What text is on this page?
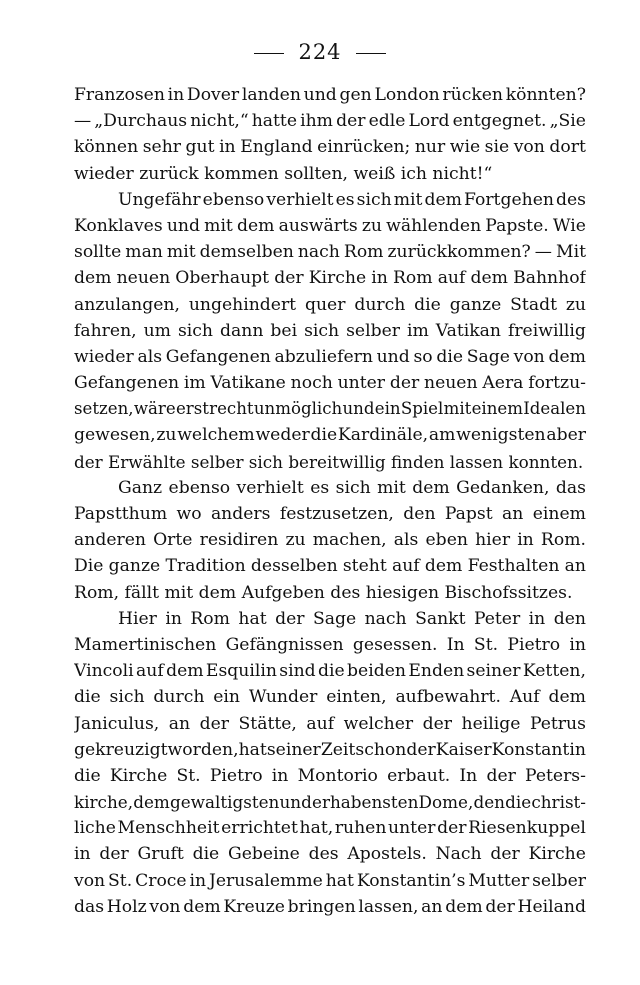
224
Franzosen in Dover landen und gen London rücken könnten?
— „Durchaus nicht,“ hatte ihm der edle Lord entgegnet. „Sie
können sehr gut in England einrücken; nur wie sie von dort
wieder zurück kommen sollten, weiß ich nicht!“
Ungefähr ebenso verhielt es sich mit dem Fortgehen des
Konklaves und mit dem auswärts zu wählenden Papste. Wie
sollte man mit demselben nach Rom zurückkommen? — Mit
dem neuen Oberhaupt der Kirche in Rom auf dem Bahnhof
anzulangen, ungehindert quer durch die ganze Stadt zu
fahren, um sich dann bei sich selber im Vatikan freiwillig
wieder als Gefangenen abzuliefern und so die Sage von dem
Gefangenen im Vatikane noch unter der neuen Aera fortzu-
setzen, wäre erst recht unmöglich und ein Spiel mit einem Idealen
gewesen, zu welchem weder die Kardinäle, am wenigsten aber
der Erwählte selber sich bereitwillig finden lassen konnten.
Ganz ebenso verhielt es sich mit dem Gedanken, das
Papstthum wo anders festzusetzen, den Papst an einem
anderen Orte residiren zu machen, als eben hier in Rom.
Die ganze Tradition desselben steht auf dem Festhalten an
Rom, fällt mit dem Aufgeben des hiesigen Bischofssitzes.
Hier in Rom hat der Sage nach Sankt Peter in den
Mamertinischen Gefängnissen gesessen. In St. Pietro in
Vincoli auf dem Esquilin sind die beiden Enden seiner Ketten,
die sich durch ein Wunder einten, aufbewahrt. Auf dem
Janiculus, an der Stätte, auf welcher der heilige Petrus
gekreuzigt worden, hat seiner Zeit schon der Kaiser Konstantin
die Kirche St. Pietro in Montorio erbaut. In der Peters-
kirche, dem gewaltigsten und erhabensten Dome, den die christ-
liche Menschheit errichtet hat, ruhen unter der Riesenkuppel
in der Gruft die Gebeine des Apostels. Nach der Kirche
von St. Croce in Jerusalemme hat Konstantin’s Mutter selber
das Holz von dem Kreuze bringen lassen, an dem der Heiland
